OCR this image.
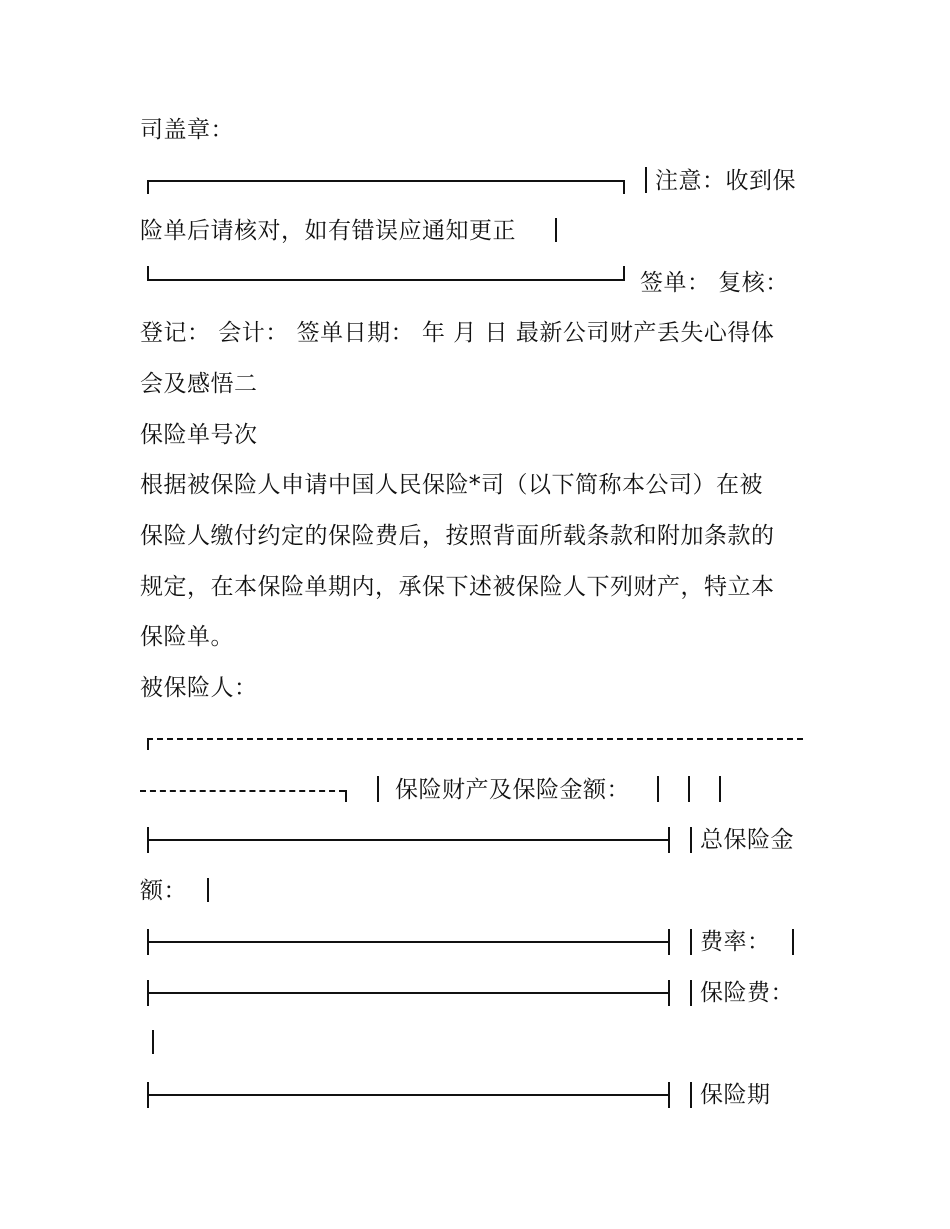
司盖章：
注意：收到保
险单后请核对，如有错误应通知更正
签单： 复核：
登记： 会计： 签单日期： 年 月 日 最新公司财产丢失心得体
会及感悟二
保险单号次
根据被保险人申请中国人民保险*司（以下简称本公司）在被
保险人缴付约定的保险费后，按照背面所载条款和附加条款的
规定，在本保险单期内，承保下述被保险人下列财产，特立本
保险单。
被保险人：
保险财产及保险金额：
总保险金
额：
费率：
保险费：
保险期
